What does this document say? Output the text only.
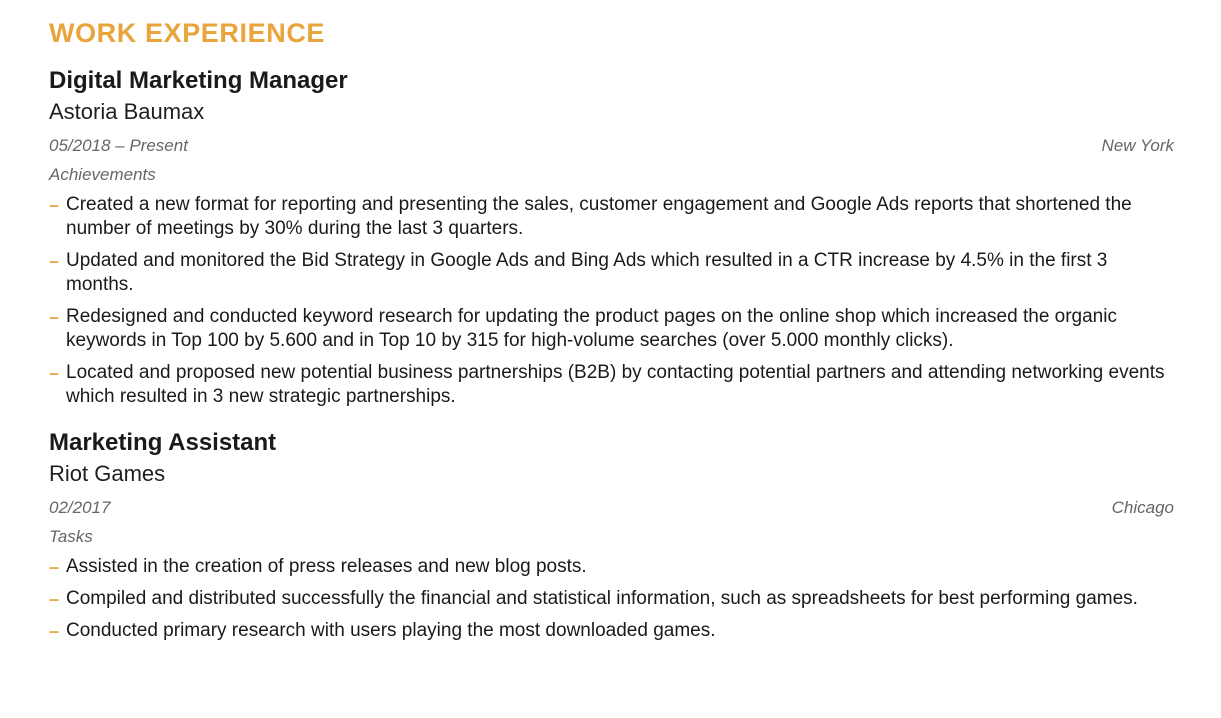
WORK EXPERIENCE
Digital Marketing Manager
Astoria Baumax
05/2018 – Present	New York
Achievements
– Created a new format for reporting and presenting the sales, customer engagement and Google Ads reports that shortened the number of meetings by 30% during the last 3 quarters.
– Updated and monitored the Bid Strategy in Google Ads and Bing Ads which resulted in a CTR increase by 4.5% in the first 3 months.
– Redesigned and conducted keyword research for updating the product pages on the online shop which increased the organic keywords in Top 100 by 5.600 and in Top 10 by 315 for high-volume searches (over 5.000 monthly clicks).
– Located and proposed new potential business partnerships (B2B) by contacting potential partners and attending networking events which resulted in 3 new strategic partnerships.
Marketing Assistant
Riot Games
02/2017	Chicago
Tasks
– Assisted in the creation of press releases and new blog posts.
– Compiled and distributed successfully the financial and statistical information, such as spreadsheets for best performing games.
– Conducted primary research with users playing the most downloaded games.
